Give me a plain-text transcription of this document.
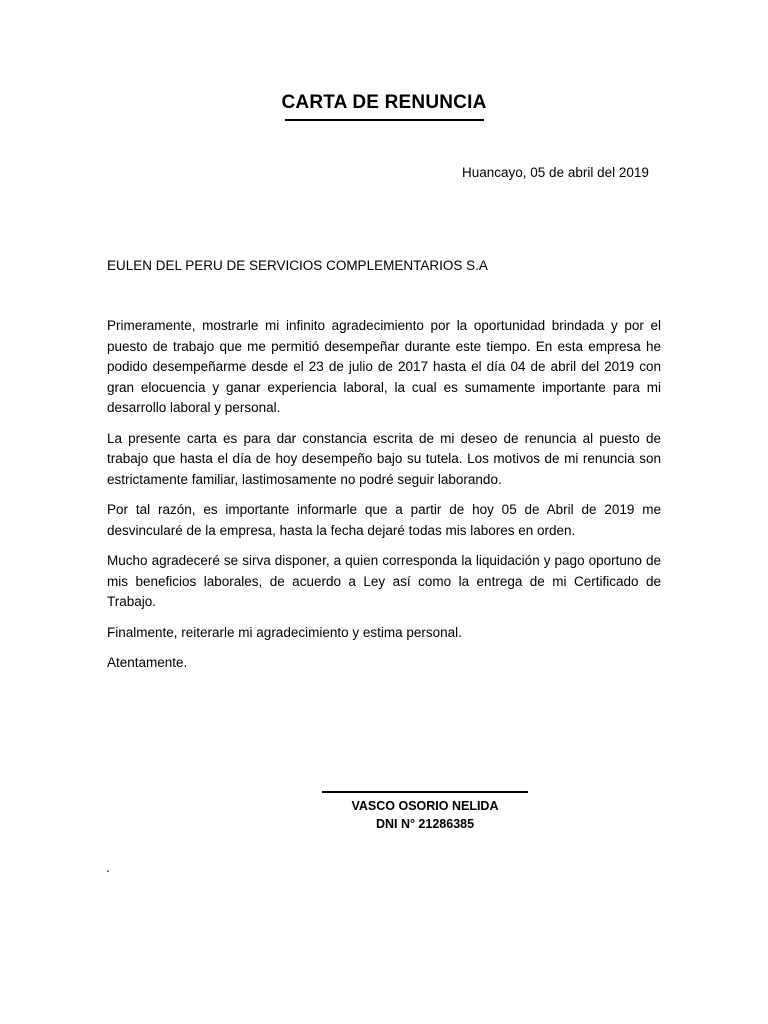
CARTA DE RENUNCIA
Huancayo, 05 de abril del 2019
EULEN DEL PERU DE SERVICIOS COMPLEMENTARIOS S.A

Primeramente, mostrarle mi infinito agradecimiento por la oportunidad brindada y por el puesto de trabajo que me permitió desempeñar durante este tiempo. En esta empresa he podido desempeñarme desde el 23 de julio de 2017 hasta el día 04 de abril del 2019 con gran elocuencia y ganar experiencia laboral, la cual es sumamente importante para mi desarrollo laboral y personal.

La presente carta es para dar constancia escrita de mi deseo de renuncia al puesto de trabajo que hasta el día de hoy desempeño bajo su tutela. Los motivos de mi renuncia son estrictamente familiar, lastimosamente no podré seguir laborando.

Por tal razón, es importante informarle que a partir de hoy 05 de Abril de 2019 me desvincularé de la empresa, hasta la fecha dejaré todas mis labores en orden.

Mucho agradeceré se sirva disponer, a quien corresponda la liquidación y pago oportuno de mis beneficios laborales, de acuerdo a Ley así como la entrega de mi Certificado de Trabajo.

Finalmente, reiterarle mi agradecimiento y estima personal.

Atentamente.

VASCO OSORIO NELIDA
DNI N° 21286385
.
